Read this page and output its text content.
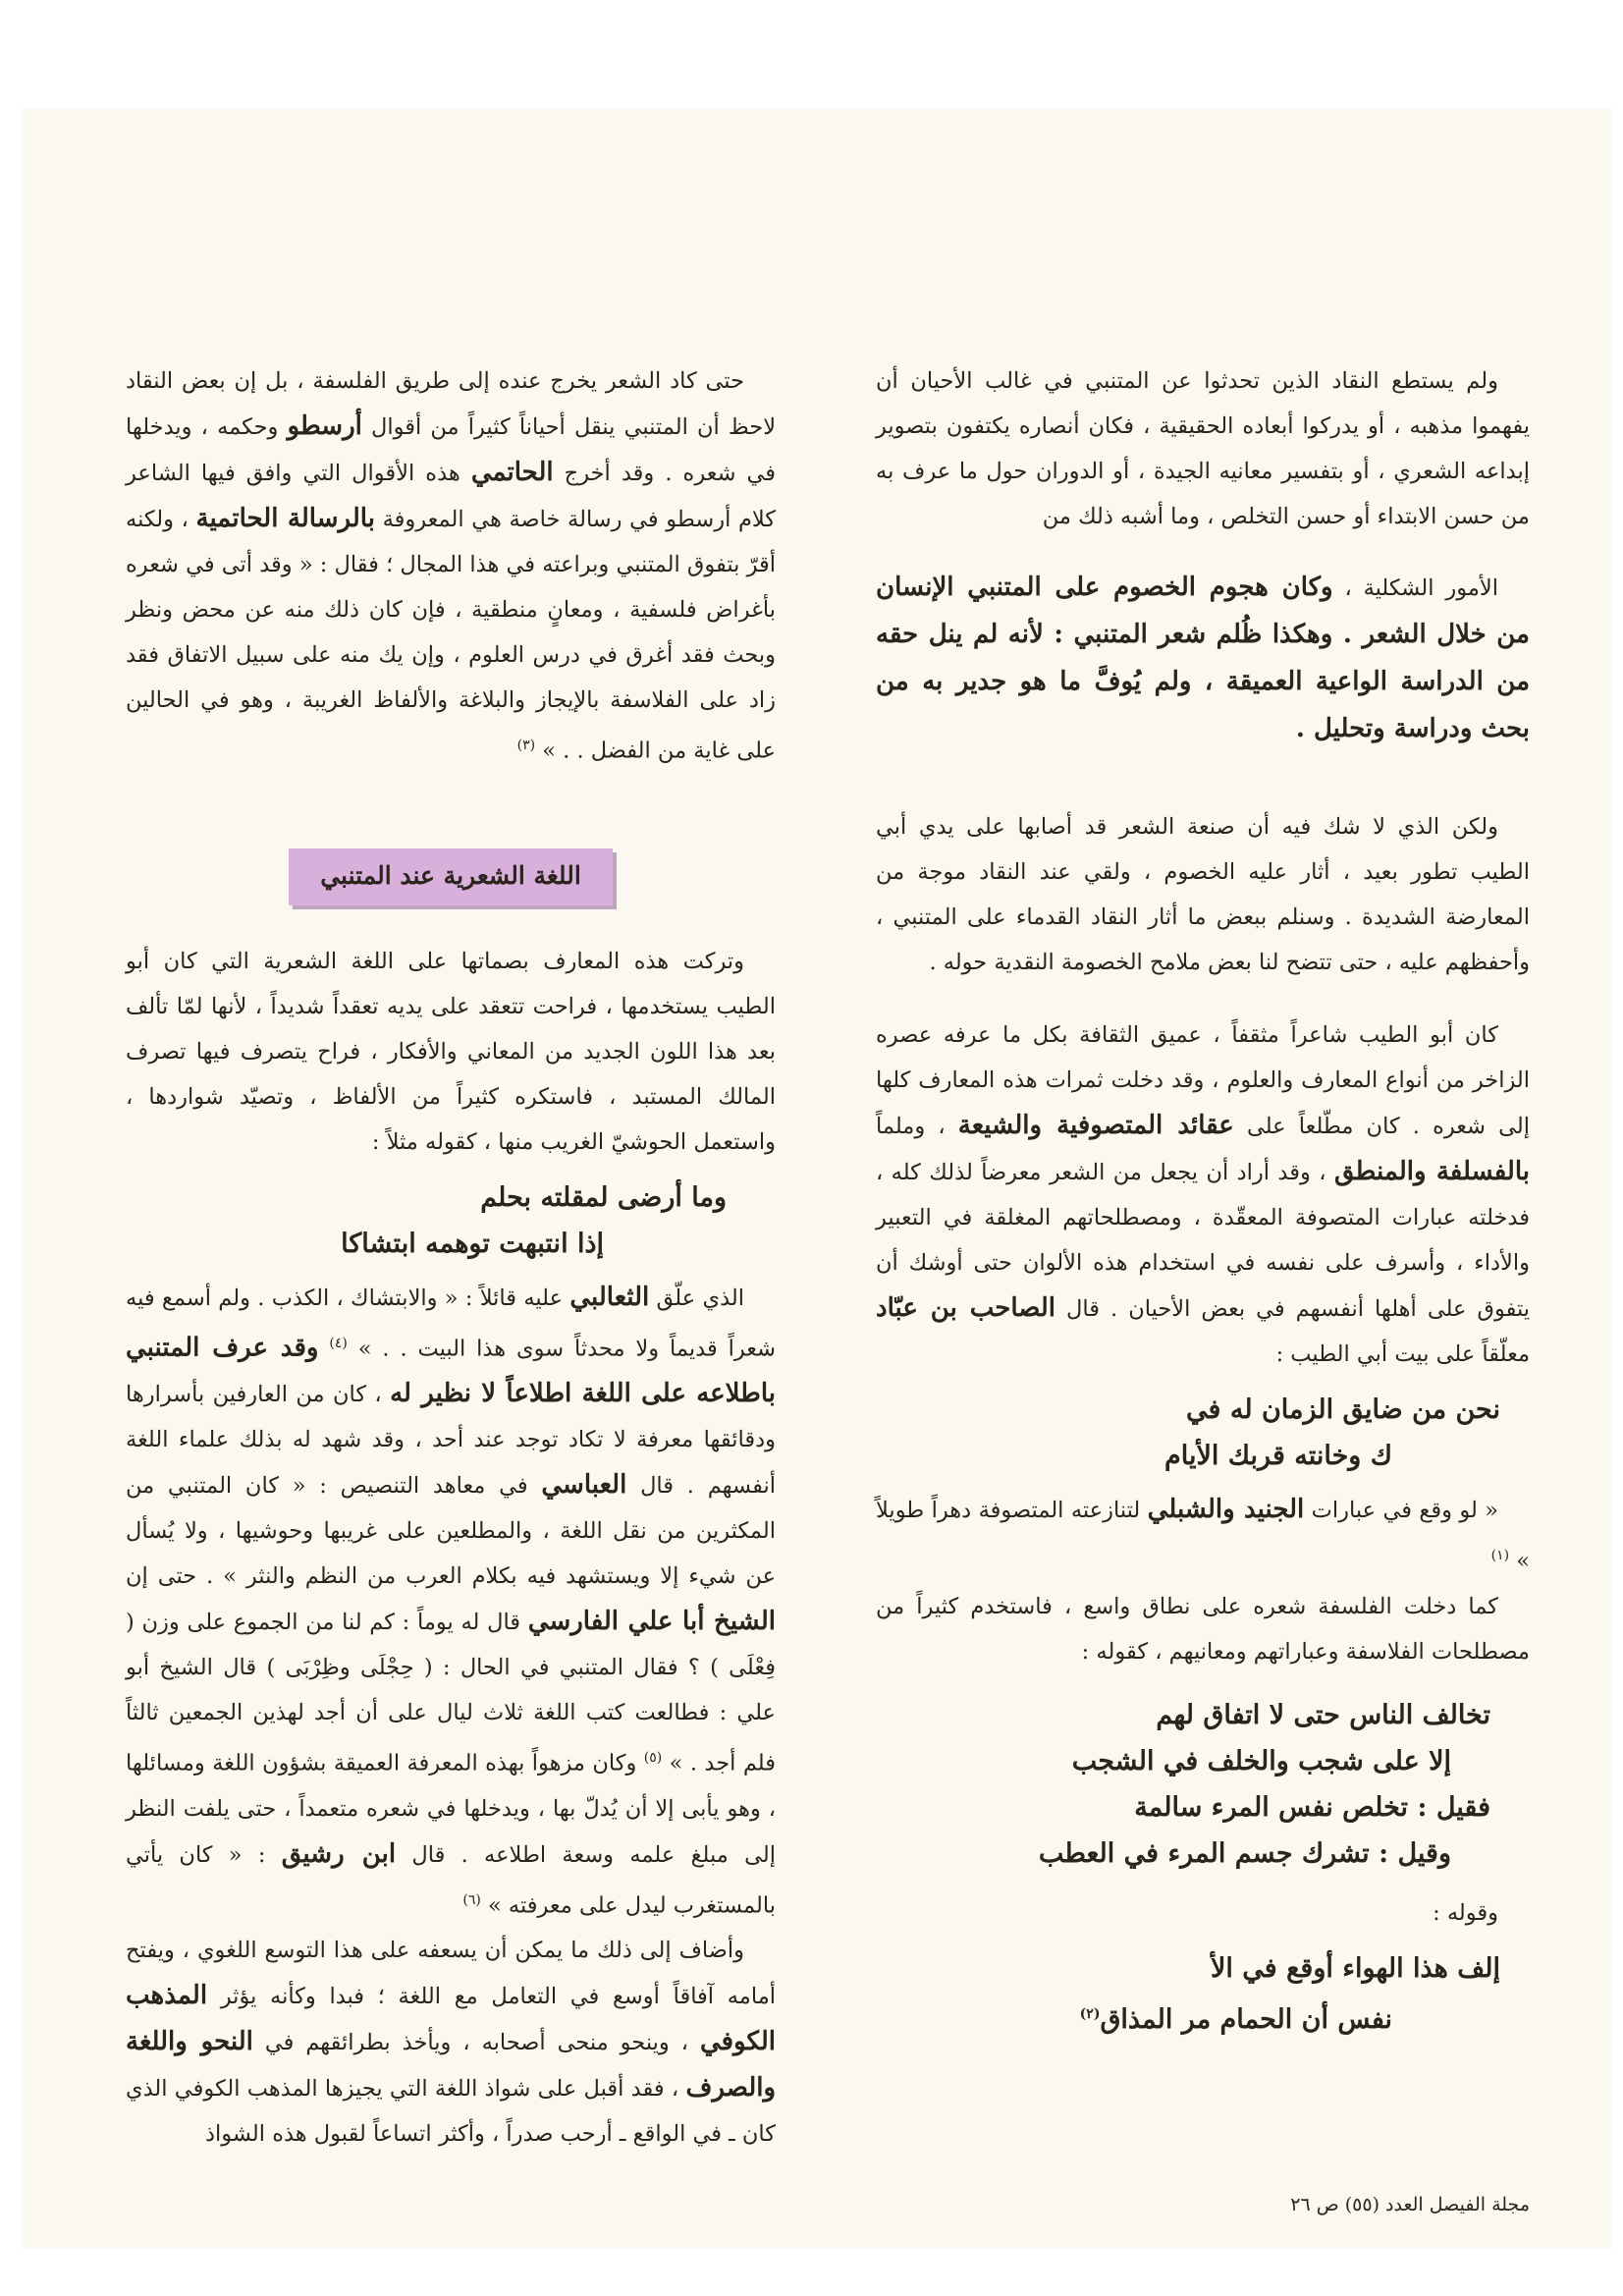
ولم يستطع النقاد الذين تحدثوا عن المتنبي في غالب الأحيان أن يفهموا مذهبه ، أو يدركوا أبعاده الحقيقية ، فكان أنصاره يكتفون بتصوير إبداعه الشعري ، أو بتفسير معانيه الجيدة ، أو الدوران حول ما عرف به من حسن الابتداء أو حسن التخلص ، وما أشبه ذلك من

الأمور الشكلية ، وكان هجوم الخصوم على المتنبي الإنسان من خلال الشعر . وهكذا ظُلم شعر المتنبي : لأنه لم ينل حقه من الدراسة الواعية العميقة ، ولم يُوفَّ ما هو جدير به من بحث ودراسة وتحليل .

ولكن الذي لا شك فيه أن صنعة الشعر قد أصابها على يدي أبي الطيب تطور بعيد ، أثار عليه الخصوم ، ولقي عند النقاد موجة من المعارضة الشديدة . وسنلم ببعض ما أثار النقاد القدماء على المتنبي ، وأحفظهم عليه ، حتى تتضح لنا بعض ملامح الخصومة النقدية حوله .

كان أبو الطيب شاعراً مثقفاً ، عميق الثقافة بكل ما عرفه عصره الزاخر من أنواع المعارف والعلوم ، وقد دخلت ثمرات هذه المعارف كلها إلى شعره . كان مطّلعاً على عقائد المتصوفية والشيعة ، وملماً بالفسلفة والمنطق ، وقد أراد أن يجعل من الشعر معرضاً لذلك كله ، فدخلته عبارات المتصوفة المعقّدة ، ومصطلحاتهم المغلقة في التعبير والأداء ، وأسرف على نفسه في استخدام هذه الألوان حتى أوشك أن يتفوق على أهلها أنفسهم في بعض الأحيان . قال الصاحب بن عبّاد معلّقاً على بيت أبي الطيب :

نحن من ضايق الزمان له في
ك وخانته قربك الأيام

« لو وقع في عبارات الجنيد والشبلي لتنازعته المتصوفة دهراً طويلاً » $^{(١)}$

كما دخلت الفلسفة شعره على نطاق واسع ، فاستخدم كثيراً من مصطلحات الفلاسفة وعباراتهم ومعانيهم ، كقوله :

تخالف الناس حتى لا اتفاق لهم
إلا على شجب والخلف في الشجب
فقيل : تخلص نفس المرء سالمة
وقيل : تشرك جسم المرء في العطب

وقوله :

إلف هذا الهواء أوقع في الأ
نفس أن الحمام مر المذاق$^{(٢)}$

حتى كاد الشعر يخرج عنده إلى طريق الفلسفة ، بل إن بعض النقاد لاحظ أن المتنبي ينقل أحياناً كثيراً من أقوال أرسطو وحكمه ، ويدخلها في شعره . وقد أخرج الحاتمي هذه الأقوال التي وافق فيها الشاعر كلام أرسطو في رسالة خاصة هي المعروفة بالرسالة الحاتمية ، ولكنه أقرّ بتفوق المتنبي وبراعته في هذا المجال ؛ فقال : « وقد أتى في شعره بأغراض فلسفية ، ومعانٍ منطقية ، فإن كان ذلك منه عن محض ونظر وبحث فقد أغرق في درس العلوم ، وإن يك منه على سبيل الاتفاق فقد زاد على الفلاسفة بالإيجاز والبلاغة والألفاظ الغريبة ، وهو في الحالين على غاية من الفضل . . » $^{(٣)}$

اللغة الشعرية عند المتنبي

وتركت هذه المعارف بصماتها على اللغة الشعرية التي كان أبو الطيب يستخدمها ، فراحت تتعقد على يديه تعقداً شديداً ، لأنها لمّا تألف بعد هذا اللون الجديد من المعاني والأفكار ، فراح يتصرف فيها تصرف المالك المستبد ، فاستكره كثيراً من الألفاظ ، وتصيّد شواردها ، واستعمل الحوشيّ الغريب منها ، كقوله مثلاً :

وما أرضى لمقلته بحلم
إذا انتبهت توهمه ابتشاكا

الذي علّق الثعالبي عليه قائلاً : « والابتشاك ، الكذب . ولم أسمع فيه شعراً قديماً ولا محدثاً سوى هذا البيت . . » $^{(٤)}$ وقد عرف المتنبي باطلاعه على اللغة اطلاعاً لا نظير له ، كان من العارفين بأسرارها ودقائقها معرفة لا تكاد توجد عند أحد ، وقد شهد له بذلك علماء اللغة أنفسهم . قال العباسي في معاهد التنصيص : « كان المتنبي من المكثرين من نقل اللغة ، والمطلعين على غريبها وحوشيها ، ولا يُسأل عن شيء إلا ويستشهد فيه بكلام العرب من النظم والنثر » . حتى إن الشيخ أبا علي الفارسي قال له يوماً : كم لنا من الجموع على وزن ( فِعْلَى ) ؟ فقال المتنبي في الحال : ( حِجْلَى وظِرْبَى ) قال الشيخ أبو علي : فطالعت كتب اللغة ثلاث ليال على أن أجد لهذين الجمعين ثالثاً فلم أجد . » $^{(٥)}$ وكان مزهواً بهذه المعرفة العميقة بشؤون اللغة ومسائلها ، وهو يأبى إلا أن يُدلّ بها ، ويدخلها في شعره متعمداً ، حتى يلفت النظر إلى مبلغ علمه وسعة اطلاعه . قال ابن رشيق : « كان يأتي بالمستغرب ليدل على معرفته » $^{(٦)}$

وأضاف إلى ذلك ما يمكن أن يسعفه على هذا التوسع اللغوي ، ويفتح أمامه آفاقاً أوسع في التعامل مع اللغة ؛ فبدا وكأنه يؤثر المذهب الكوفي ، وينحو منحى أصحابه ، ويأخذ بطرائقهم في النحو واللغة والصرف ، فقد أقبل على شواذ اللغة التي يجيزها المذهب الكوفي الذي كان ـ في الواقع ـ أرحب صدراً ، وأكثر اتساعاً لقبول هذه الشواذ

مجلة الفيصل العدد (٥٥) ص ٢٦
